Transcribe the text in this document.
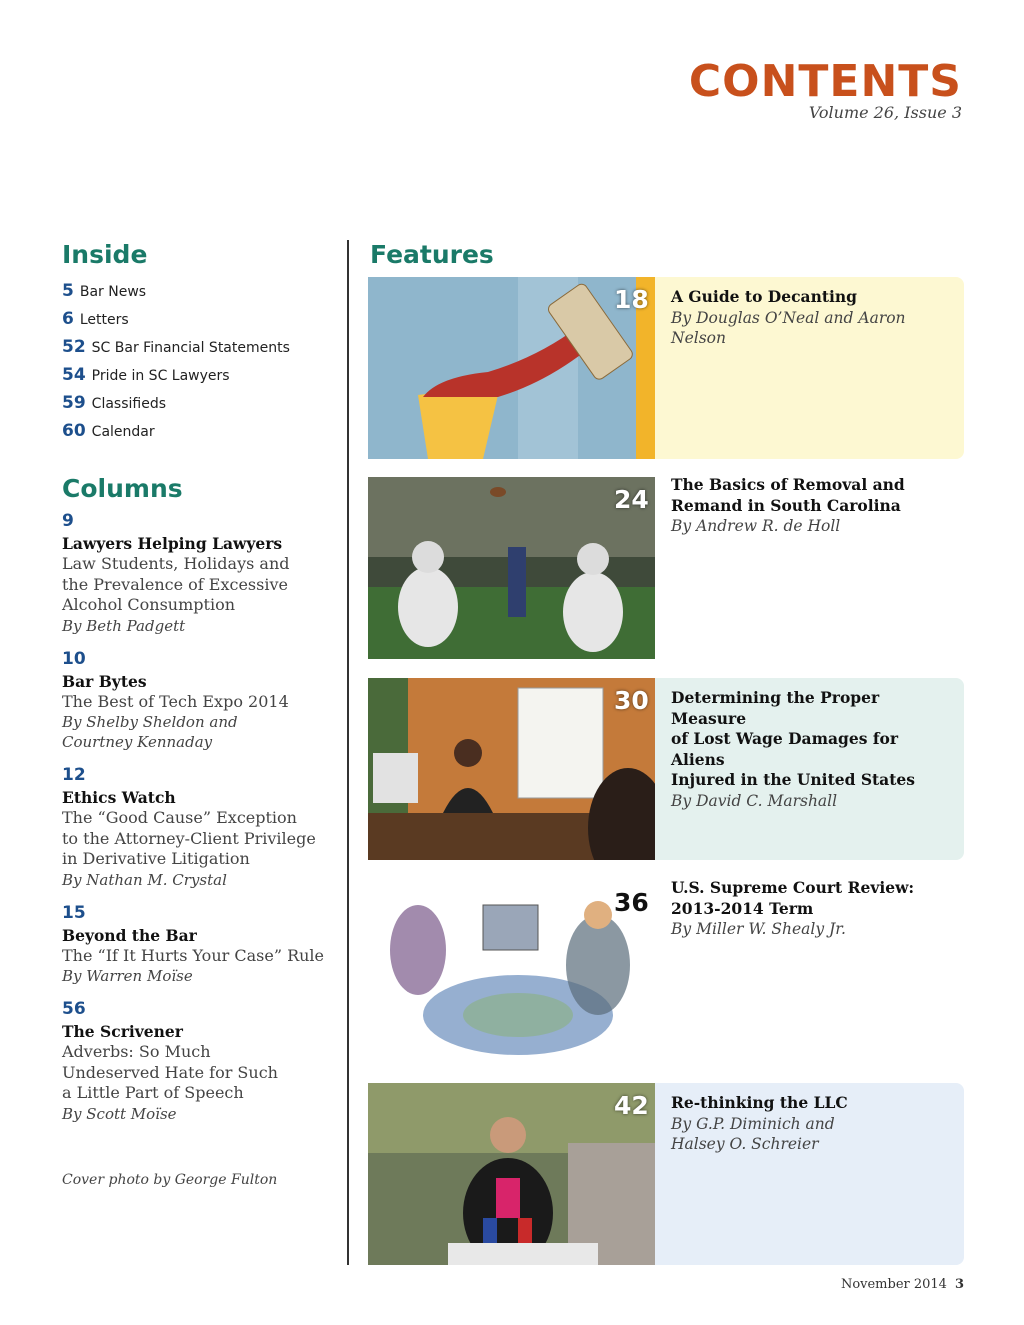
CONTENTS
Volume 26, Issue 3
Inside
5 Bar News
6 Letters
52 SC Bar Financial Statements
54 Pride in SC Lawyers
59 Classifieds
60 Calendar
Columns
9
Lawyers Helping Lawyers
Law Students, Holidays and
the Prevalence of Excessive
Alcohol Consumption
By Beth Padgett
10
Bar Bytes
The Best of Tech Expo 2014
By Shelby Sheldon and
Courtney Kennaday
12
Ethics Watch
The “Good Cause” Exception
to the Attorney-Client Privilege
in Derivative Litigation
By Nathan M. Crystal
15
Beyond the Bar
The “If It Hurts Your Case” Rule
By Warren Moïse
56
The Scrivener
Adverbs: So Much
Undeserved Hate for Such
a Little Part of Speech
By Scott Moïse
Cover photo by George Fulton
Features
18 A Guide to Decanting
By Douglas O’Neal and Aaron Nelson
24
The Basics of Removal and
Remand in South Carolina
By Andrew R. de Holl
30 Determining the Proper Measure
of Lost Wage Damages for Aliens
Injured in the United States
By David C. Marshall
36
U.S. Supreme Court Review:
2013-2014 Term
By Miller W. Shealy Jr.
42 Re-thinking the LLC
By G.P. Diminich and
Halsey O. Schreier
November 2014 3
